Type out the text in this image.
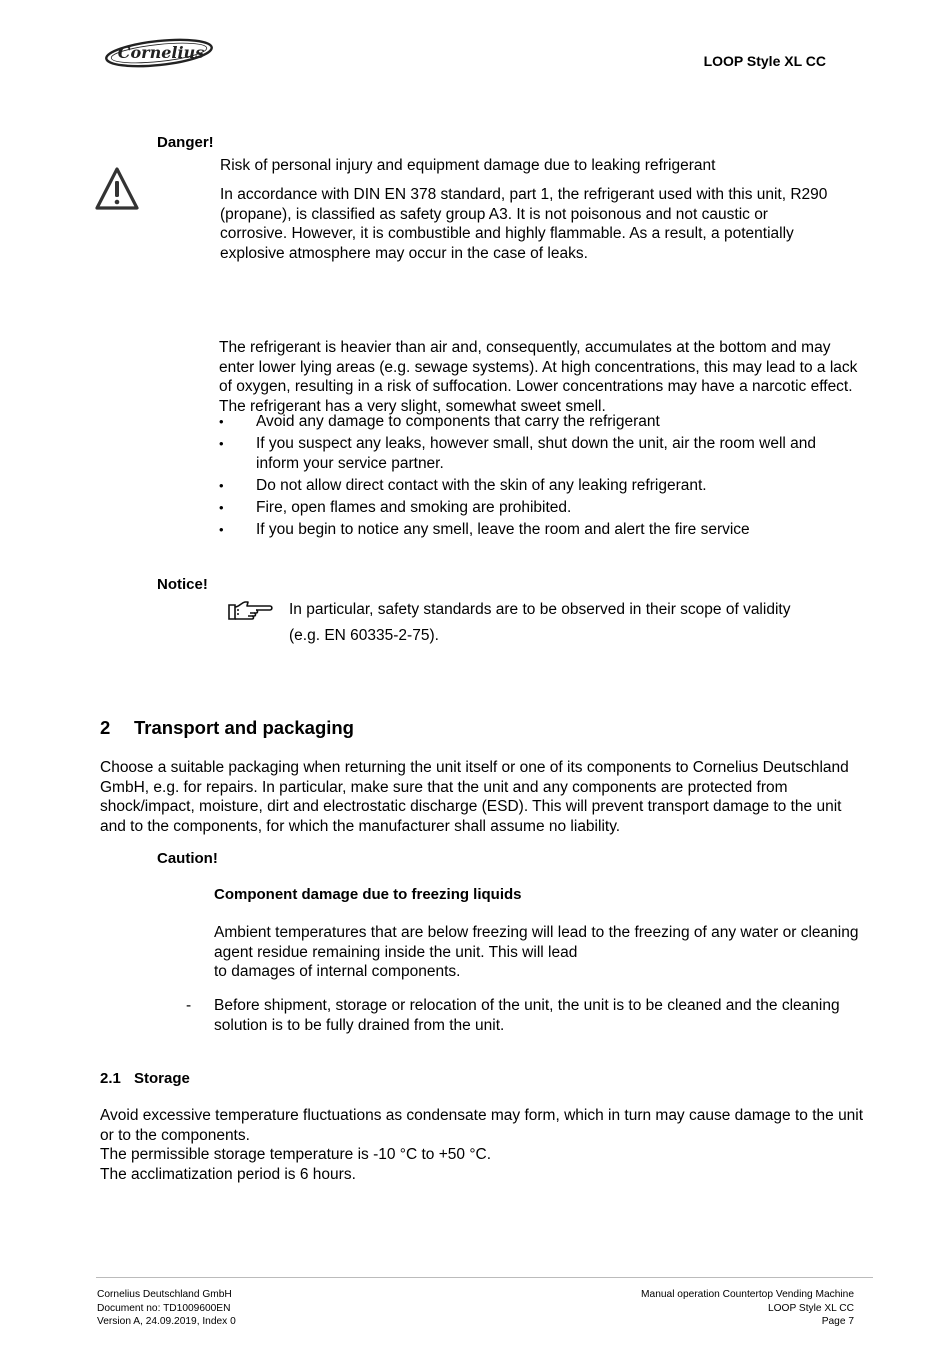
Cornelius	LOOP Style XL CC
Danger!
Risk of personal injury and equipment damage due to leaking refrigerant
In accordance with DIN EN 378 standard, part 1, the refrigerant used with this unit, R290
(propane), is classified as safety group A3. It is not poisonous and not caustic or
corrosive. However, it is combustible and highly flammable. As a result, a potentially
explosive atmosphere may occur in the case of leaks.
The refrigerant is heavier than air and, consequently, accumulates at the bottom and may
enter lower lying areas (e.g. sewage systems). At high concentrations, this may lead to a lack
of oxygen, resulting in a risk of suffocation. Lower concentrations may have a narcotic effect.
The refrigerant has a very slight, somewhat sweet smell.
• Avoid any damage to components that carry the refrigerant
• If you suspect any leaks, however small, shut down the unit, air the room well and
inform your service partner.
• Do not allow direct contact with the skin of any leaking refrigerant.
• Fire, open flames and smoking are prohibited.
• If you begin to notice any smell, leave the room and alert the fire service
Notice!
In particular, safety standards are to be observed in their scope of validity
(e.g. EN 60335-2-75).
2 Transport and packaging
Choose a suitable packaging when returning the unit itself or one of its components to Cornelius Deutschland
GmbH, e.g. for repairs. In particular, make sure that the unit and any components are protected from
shock/impact, moisture, dirt and electrostatic discharge (ESD). This will prevent transport damage to the unit
and to the components, for which the manufacturer shall assume no liability.
Caution!
Component damage due to freezing liquids
Ambient temperatures that are below freezing will lead to the freezing of any water or cleaning
agent residue remaining inside the unit. This will lead
to damages of internal components.
- Before shipment, storage or relocation of the unit, the unit is to be cleaned and the cleaning
solution is to be fully drained from the unit.
2.1 Storage
Avoid excessive temperature fluctuations as condensate may form, which in turn may cause damage to the unit
or to the components.
The permissible storage temperature is -10 °C to +50 °C.
The acclimatization period is 6 hours.
Cornelius Deutschland GmbH
Document no: TD1009600EN
Version A, 24.09.2019, Index 0
Manual operation Countertop Vending Machine
LOOP Style XL CC
Page 7
